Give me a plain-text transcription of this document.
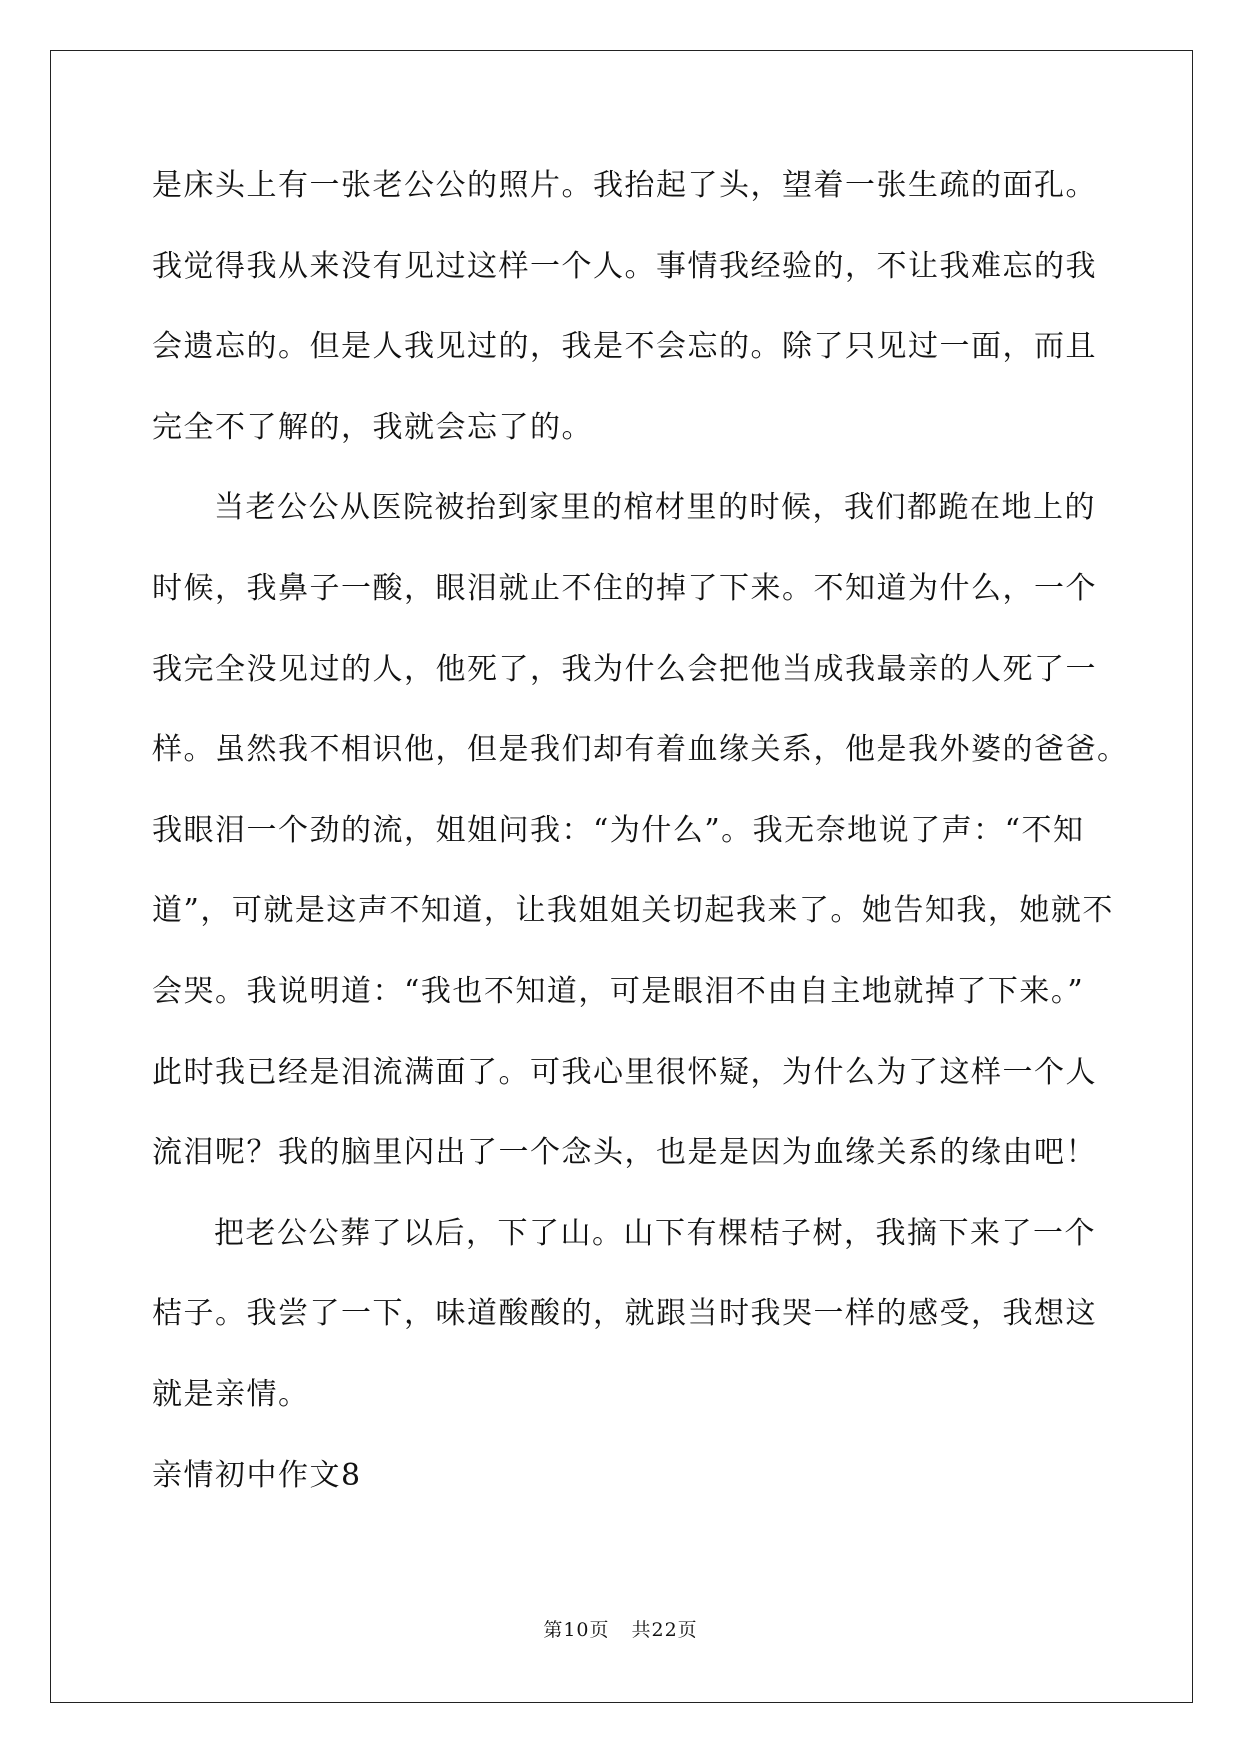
是床头上有一张老公公的照片。我抬起了头，望着一张生疏的面孔。

我觉得我从来没有见过这样一个人。事情我经验的，不让我难忘的我

会遗忘的。但是人我见过的，我是不会忘的。除了只见过一面，而且

完全不了解的，我就会忘了的。

当老公公从医院被抬到家里的棺材里的时候，我们都跪在地上的

时候，我鼻子一酸，眼泪就止不住的掉了下来。不知道为什么，一个

我完全没见过的人，他死了，我为什么会把他当成我最亲的人死了一

样。虽然我不相识他，但是我们却有着血缘关系，他是我外婆的爸爸。

我眼泪一个劲的流，姐姐问我：“为什么”。我无奈地说了声：“不知

道”，可就是这声不知道，让我姐姐关切起我来了。她告知我，她就不

会哭。我说明道：“我也不知道，可是眼泪不由自主地就掉了下来。”

此时我已经是泪流满面了。可我心里很怀疑，为什么为了这样一个人

流泪呢？我的脑里闪出了一个念头，也是是因为血缘关系的缘由吧！

把老公公葬了以后，下了山。山下有棵桔子树，我摘下来了一个

桔子。我尝了一下，味道酸酸的，就跟当时我哭一样的感受，我想这

就是亲情。

亲情初中作文8

第10页 共22页
